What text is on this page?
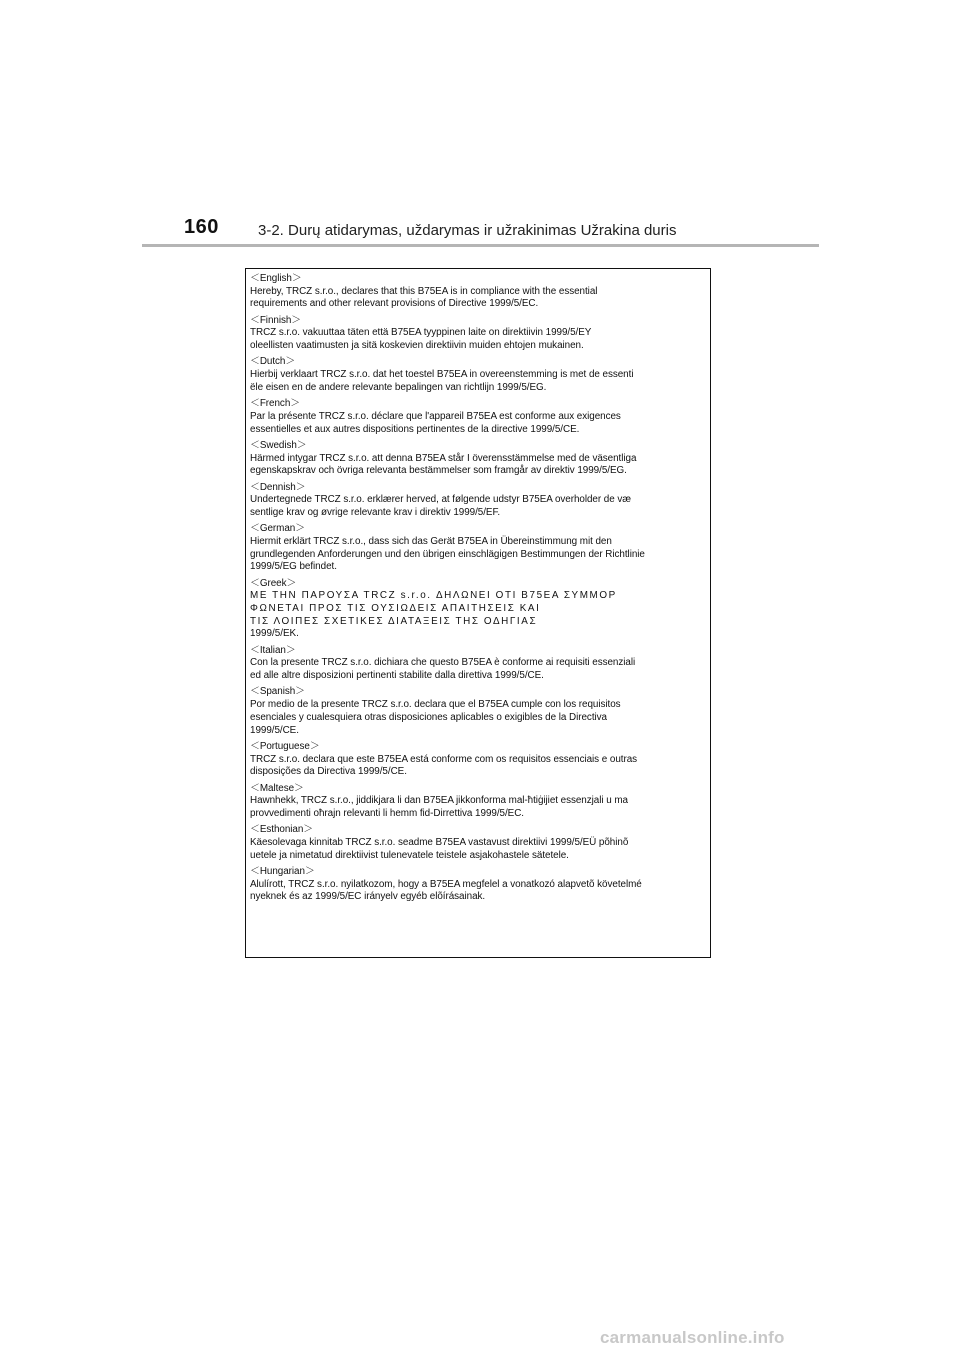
160	3-2. Durų atidarymas, uždarymas ir užrakinimas Užrakina duris
＜English＞
Hereby, TRCZ s.r.o., declares that this B75EA is in compliance with the essential
requirements and other relevant provisions of Directive 1999/5/EC.
＜Finnish＞
TRCZ s.r.o. vakuuttaa täten että B75EA tyyppinen laite on direktiivin 1999/5/EY
oleellisten vaatimusten ja sitä koskevien direktiivin muiden ehtojen mukainen.
＜Dutch＞
Hierbij verklaart TRCZ s.r.o. dat het toestel B75EA in overeenstemming is met de essenti
ële eisen en de andere relevante bepalingen van richtlijn 1999/5/EG.
＜French＞
Par la présente TRCZ s.r.o. déclare que l'appareil B75EA est conforme aux exigences
essentielles et aux autres dispositions pertinentes de la directive 1999/5/CE.
＜Swedish＞
Härmed intygar TRCZ s.r.o. att denna B75EA står I överensstämmelse med de väsentliga
egenskapskrav och övriga relevanta bestämmelser som framgår av direktiv 1999/5/EG.
＜Dennish＞
Undertegnede TRCZ s.r.o. erklærer herved, at følgende udstyr B75EA overholder de væ
sentlige krav og øvrige relevante krav i direktiv 1999/5/EF.
＜German＞
Hiermit erklärt TRCZ s.r.o., dass sich das Gerät B75EA in Übereinstimmung mit den
grundlegenden Anforderungen und den übrigen einschlägigen Bestimmungen der Richtlinie
1999/5/EG befindet.
＜Greek＞
ΜΕ ΤΗΝ ΠΑΡΟΥΣΑ TRCZ s.r.o. ΔΗΛΩΝΕΙ ΟΤΙ B75EA ΣΥΜΜΟΡ
ΦΩΝΕΤΑΙ ΠΡΟΣ ΤΙΣ ΟΥΣΙΩΔΕΙΣ ΑΠΑΙΤΗΣΕΙΣ ΚΑΙ
ΤΙΣ ΛΟΙΠΕΣ ΣΧΕΤΙΚΕΣ ΔΙΑΤΑΞΕΙΣ ΤΗΣ ΟΔΗΓΙΑΣ
1999/5/EK.
＜Italian＞
Con la presente TRCZ s.r.o. dichiara che questo B75EA è conforme ai requisiti essenziali
ed alle altre disposizioni pertinenti stabilite dalla direttiva 1999/5/CE.
＜Spanish＞
Por medio de la presente TRCZ s.r.o. declara que el B75EA cumple con los requisitos
esenciales y cualesquiera otras disposiciones aplicables o exigibles de la Directiva
1999/5/CE.
＜Portuguese＞
TRCZ s.r.o. declara que este B75EA está conforme com os requisitos essenciais e outras
disposições da Directiva 1999/5/CE.
＜Maltese＞
Hawnhekk, TRCZ s.r.o., jiddikjara li dan B75EA jikkonforma mal-ħtiġijiet essenzjali u ma
provvedimenti oħrajn relevanti li hemm fid-Dirrettiva 1999/5/EC.
＜Esthonian＞
Käesolevaga kinnitab TRCZ s.r.o. seadme B75EA vastavust direktiivi 1999/5/EÜ põhinõ
uetele ja nimetatud direktiivist tulenevatele teistele asjakohastele sätetele.
＜Hungarian＞
Alulírott, TRCZ s.r.o. nyilatkozom, hogy a B75EA megfelel a vonatkozó alapvetõ követelmé
nyeknek és az 1999/5/EC irányelv egyéb elõírásainak.
carmanualsonline.info
